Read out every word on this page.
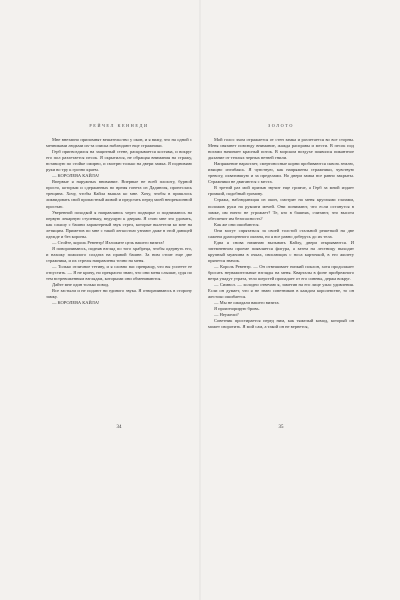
РЕЙЧЕЛ КЕННЕДИ

Мне внезапно припомнят вешательство у окон, и я вижу, что на одной с мечниками людьми их-за списка наблюдают еще стражники.

Герб пригвоздился на защитный стене, раскрывается костяма, и вокруг его пол разлетается песок. Я скрытился, не обращая внимания на стражу, вставшую по стойке смирно, и смотрю только на двери замка. Я поднимаю руки во тру к грозно краем.

— КОРОЛЕВА КАЙЛА!

Впервые я наружных внимание. Впервые не всей плохоту, бурной просто, которым и сдержанных во время гонета из Дадингля, пронеслась трещина. Хочу, чтобы Кайла вышла ко мне. Хочу, чтобы в пришлось ликвидовать свой пропастный живой и предстать перед моей непреклонной простью.

Уверенной походкой я направляюсь через подворье и поднимаюсь на первую лекарную ступеньку, ведущую к дверям. Я стою мне это удовить, как слышу с башни характерный звук стрел, которые вылетели ко мне на летящим. Приметов по мне с такой легкостью узнают даже в этой дающей одежде и без короны.

— Стойте, король Ревентр! Изложите цель вашего визита!

Я поворачиваюсь, подняв взгляд по того храбреца, чтобы одернуть его, и нахожу пожилого солдата на правой башне. За ним стоит еще две стражника, и их стрелы направлены точно на меня.

— Только отличное тетиву, и я словно вас превращу, что вы успеете ее отпустить. — Я не кричу, но прекрасно знаю, что они меня слышат, судя по тем встревоженным взглядам, которыми они обмениваются.

Дайте мне один только повод.

Все застыли и не подают ни единого звука. Я отворачиваюсь в сторону замку.

— КОРОЛЕВА КАЙЛА!

34
ЗОЛОТО

Мой голос эхом отражается от стен замка и разлетается во все сторны. Меня связанет повсюду внимание, жажда расправы и мести. В песок под ногами начинает красный поток. В морском воздухе появился пикантное дыхание от теплых черных ветвей гнили.

Напряжение нарастает, смертоносные корни пробиваются сквозь землю, изящно изгибаясь. Я чувствую, как напряжены стражники, чувствую тревогу, охватившую и за пределами. Но двери замка все равно закрыты. Стражники не двигаются с места.

В третий раз мой призыв звучит еще громче, а Герб за мной издает громкий, подобный громову.

Стража, наблюдающая из окон, смотрит на меня круглыми глазами, положив руки на рукояти мечей. Они понимают, что если останутся в замке, им ничто не угрожает? Те, кто в башнях, считают, что высота обеспечит им безопасность?

Как же они ошибаются.

Они могут спрятаться за своей толстой стальной решеткой на две сажени драгоценного океана, но я все равно доберусь до их тела.

Едва я снова начинаю вызывать Кайлу, двери открываются. И затемненном проеме появляется фигура, а затем на лестницу выходит крупный мужчина в очках, свисающих с носа карточкой, в его жилету прячется значок.

— Король Ревентр. — Он отвешивает низкий поклон, хотя продолжает бросать неуважительные взгляды на меня. Кварталы в фоне прибрежного ветра упадут утрата, тело шерстей пропадает от его синевы, держа вокруг.

— Символ. — холодно отвечаю я, заметив на его лице ужас удивления. Если он думает, что я не знаю советников в каждом королевстве, то он жестоко ошибается.

— Мы не ожидали вашего визита.

Я проигнорирую бровь.

— Неужели?

Советник простирается перед ним, как тяжелый комод, который он может своротить. Я мой сам, а такой он не вернется,

35
